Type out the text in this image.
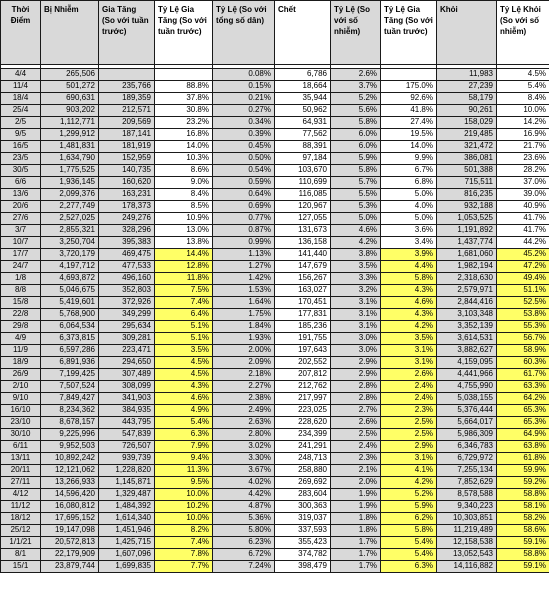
Thời Điểm	Bị Nhiễm	Gia Tăng (So với tuần trước)	Tỷ Lệ Gia Tăng (So với tuần trước)	Tỷ Lệ (So với tổng số dân)	Chết	Tỷ Lệ (So với số nhiễm)	Tỷ Lệ Gia Tăng (So với tuần trước)	Khỏi	Tỷ Lệ Khỏi (So với số nhiễm)

4/4	265,506			0.08%	6,786	2.6%		11,983	4.5%
11/4	501,272	235,766	88.8%	0.15%	18,664	3.7%	175.0%	27,239	5.4%
18/4	690,631	189,359	37.8%	0.21%	35,944	5.2%	92.6%	58,179	8.4%
25/4	903,202	212,571	30.8%	0.27%	50,962	5.6%	41.8%	90,261	10.0%
2/5	1,112,771	209,569	23.2%	0.34%	64,931	5.8%	27.4%	158,029	14.2%
9/5	1,299,912	187,141	16.8%	0.39%	77,562	6.0%	19.5%	219,485	16.9%
16/5	1,481,831	181,919	14.0%	0.45%	88,391	6.0%	14.0%	321,472	21.7%
23/5	1,634,790	152,959	10.3%	0.50%	97,184	5.9%	9.9%	386,081	23.6%
30/5	1,775,525	140,735	8.6%	0.54%	103,670	5.8%	6.7%	501,388	28.2%
6/6	1,936,145	160,620	9.0%	0.59%	110,699	5.7%	6.8%	715,511	37.0%
13/6	2,099,376	163,231	8.4%	0.64%	116,085	5.5%	5.0%	816,235	39.0%
20/6	2,277,749	178,373	8.5%	0.69%	120,967	5.3%	4.0%	932,188	40.9%
27/6	2,527,025	249,276	10.9%	0.77%	127,055	5.0%	5.0%	1,053,525	41.7%
3/7	2,855,321	328,296	13.0%	0.87%	131,673	4.6%	3.6%	1,191,892	41.7%
10/7	3,250,704	395,383	13.8%	0.99%	136,158	4.2%	3.4%	1,437,774	44.2%
17/7	3,720,179	469,475	14.4%	1.13%	141,440	3.8%	3.9%	1,681,060	45.2%
24/7	4,197,712	477,533	12.8%	1.27%	147,679	3.5%	4.4%	1,982,194	47.2%
1/8	4,693,872	496,160	11.8%	1.42%	156,267	3.3%	5.8%	2,318,630	49.4%
8/8	5,046,675	352,803	7.5%	1.53%	163,027	3.2%	4.3%	2,579,971	51.1%
15/8	5,419,601	372,926	7.4%	1.64%	170,451	3.1%	4.6%	2,844,416	52.5%
22/8	5,768,900	349,299	6.4%	1.75%	177,831	3.1%	4.3%	3,103,348	53.8%
29/8	6,064,534	295,634	5.1%	1.84%	185,236	3.1%	4.2%	3,352,139	55.3%
4/9	6,373,815	309,281	5.1%	1.93%	191,755	3.0%	3.5%	3,614,531	56.7%
11/9	6,597,286	223,471	3.5%	2.00%	197,643	3.0%	3.1%	3,882,627	58.9%
18/9	6,891,936	294,650	4.5%	2.09%	202,552	2.9%	3.1%	4,159,095	60.3%
26/9	7,199,425	307,489	4.5%	2.18%	207,812	2.9%	2.6%	4,441,966	61.7%
2/10	7,507,524	308,099	4.3%	2.27%	212,762	2.8%	2.4%	4,755,990	63.3%
9/10	7,849,427	341,903	4.6%	2.38%	217,997	2.8%	2.4%	5,038,155	64.2%
16/10	8,234,362	384,935	4.9%	2.49%	223,025	2.7%	2.3%	5,376,444	65.3%
23/10	8,678,157	443,795	5.4%	2.63%	228,620	2.6%	2.5%	5,664,017	65.3%
30/10	9,225,996	547,839	6.3%	2.80%	234,399	2.5%	2.5%	5,986,309	64.9%
6/11	9,952,503	726,507	7.9%	3.02%	241,291	2.4%	2.9%	6,346,783	63.8%
13/11	10,892,242	939,739	9.4%	3.30%	248,713	2.3%	3.1%	6,729,972	61.8%
20/11	12,121,062	1,228,820	11.3%	3.67%	258,880	2.1%	4.1%	7,255,134	59.9%
27/11	13,266,933	1,145,871	9.5%	4.02%	269,692	2.0%	4.2%	7,852,629	59.2%
4/12	14,596,420	1,329,487	10.0%	4.42%	283,604	1.9%	5.2%	8,578,588	58.8%
11/12	16,080,812	1,484,392	10.2%	4.87%	300,363	1.9%	5.9%	9,340,223	58.1%
18/12	17,695,152	1,614,340	10.0%	5.36%	319,037	1.8%	6.2%	10,303,851	58.2%
25/12	19,147,098	1,451,946	8.2%	5.80%	337,593	1.8%	5.8%	11,219,489	58.6%
1/1/21	20,572,813	1,425,715	7.4%	6.23%	355,423	1.7%	5.4%	12,158,538	59.1%
8/1	22,179,909	1,607,096	7.8%	6.72%	374,782	1.7%	5.4%	13,052,543	58.8%
15/1	23,879,744	1,699,835	7.7%	7.24%	398,479	1.7%	6.3%	14,116,882	59.1%
